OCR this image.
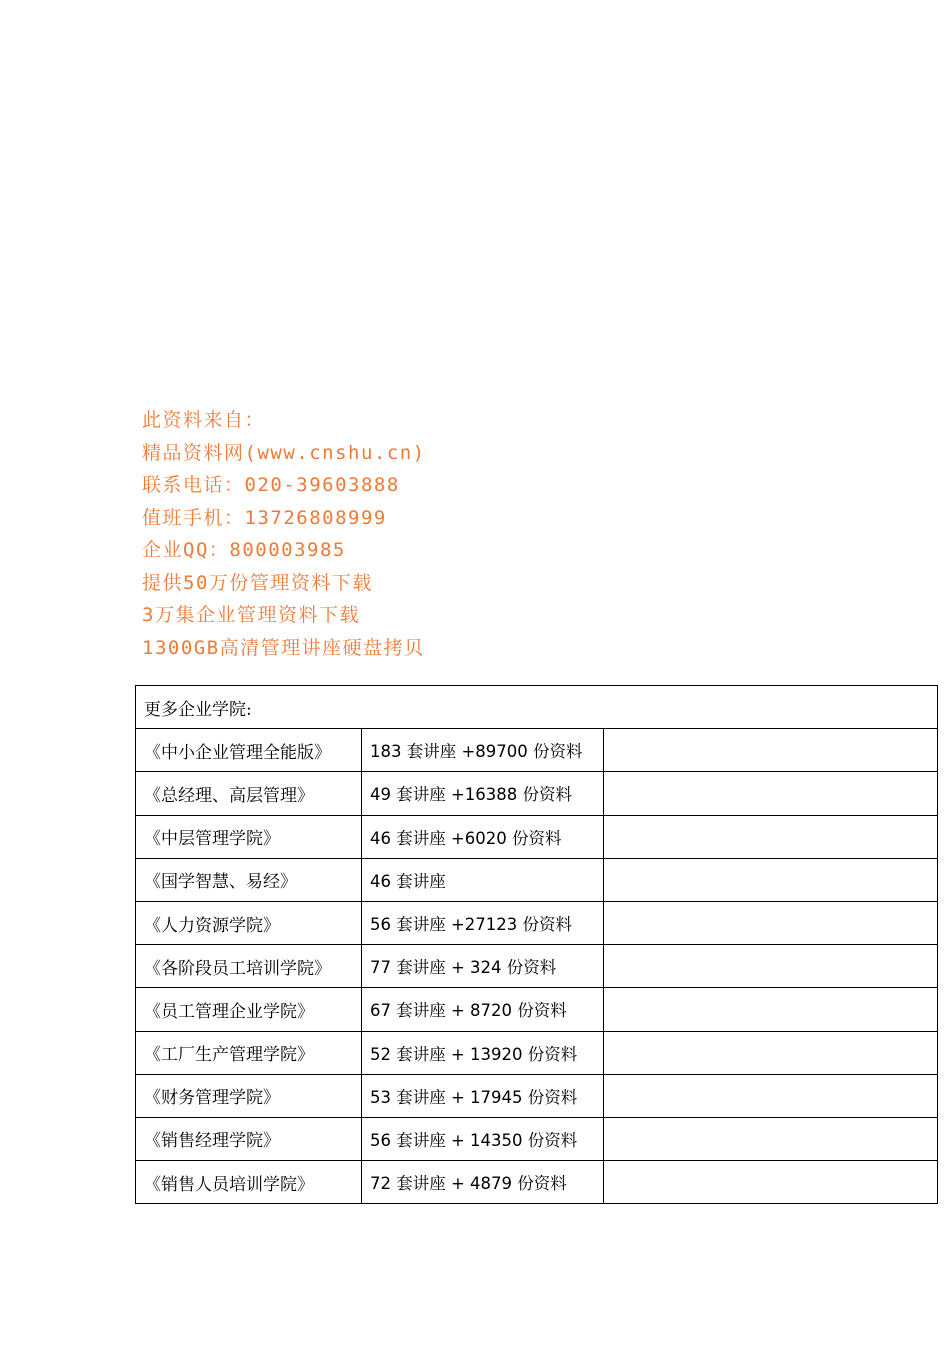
此资料来自：
精品资料网(www.cnshu.cn)
联系电话：020-39603888
值班手机：13726808999
企业QQ：800003985
提供50万份管理资料下载
3万集企业管理资料下载
1300GB高清管理讲座硬盘拷贝
更多企业学院:		
《中小企业管理全能版》	183 套讲座 +89700 份资料	
《总经理、高层管理》	49 套讲座 +16388 份资料	
《中层管理学院》	46 套讲座 +6020 份资料	
《国学智慧、易经》	46 套讲座	
《人力资源学院》	56 套讲座 +27123 份资料	
《各阶段员工培训学院》	77 套讲座 + 324 份资料	
《员工管理企业学院》	67 套讲座 + 8720 份资料	
《工厂生产管理学院》	52 套讲座 + 13920 份资料	
《财务管理学院》	53 套讲座 + 17945 份资料	
《销售经理学院》	56 套讲座 + 14350 份资料	
《销售人员培训学院》	72 套讲座 + 4879 份资料	
